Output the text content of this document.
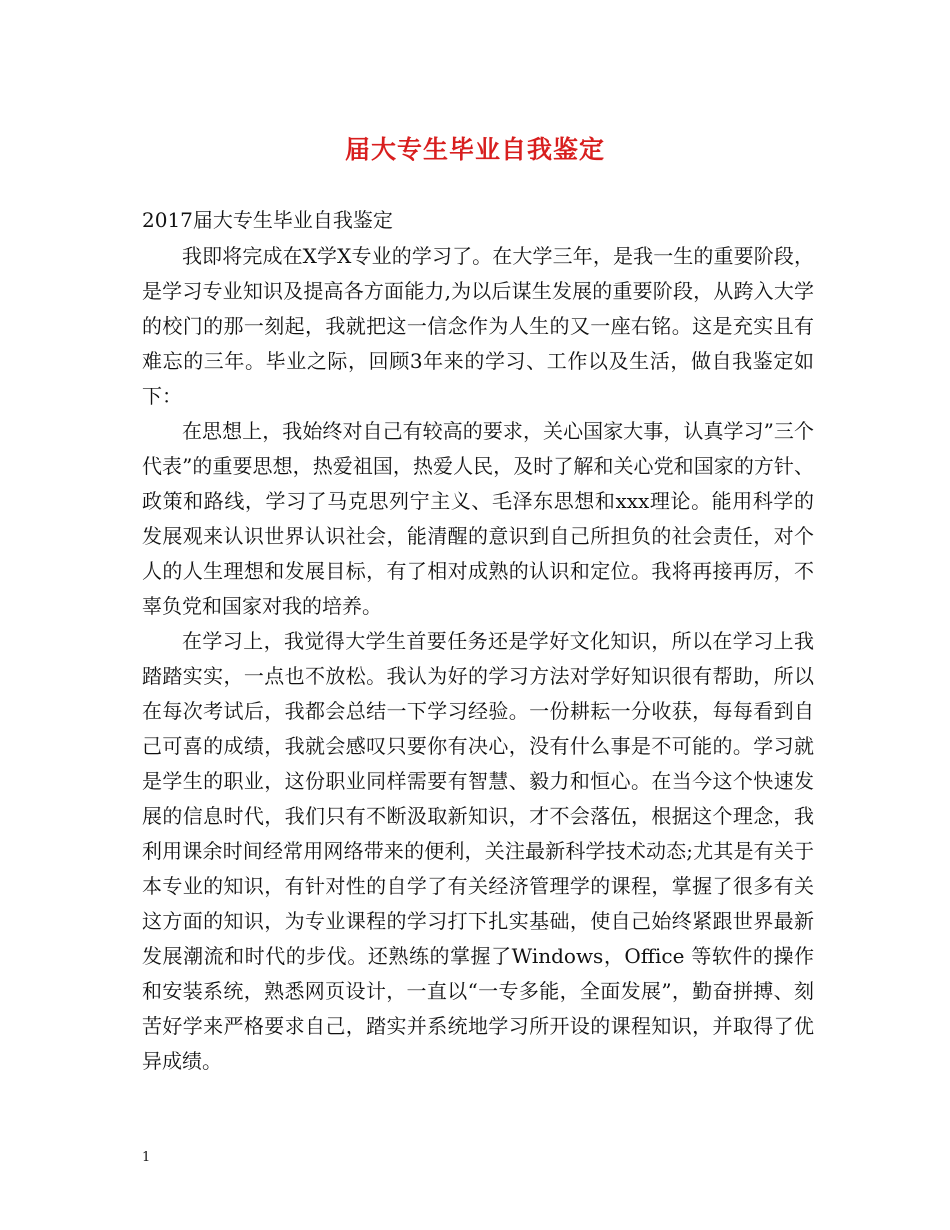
届大专生毕业自我鉴定
2017届大专生毕业自我鉴定

我即将完成在X学X专业的学习了。在大学三年，是我一生的重要阶段，是学习专业知识及提高各方面能力,为以后谋生发展的重要阶段，从跨入大学的校门的那一刻起，我就把这一信念作为人生的又一座右铭。这是充实且有难忘的三年。毕业之际，回顾3年来的学习、工作以及生活，做自我鉴定如下：

在思想上，我始终对自己有较高的要求，关心国家大事，认真学习”三个代表”的重要思想，热爱祖国，热爱人民，及时了解和关心党和国家的方针、政策和路线，学习了马克思列宁主义、毛泽东思想和xxx理论。能用科学的发展观来认识世界认识社会，能清醒的意识到自己所担负的社会责任，对个人的人生理想和发展目标，有了相对成熟的认识和定位。我将再接再厉，不辜负党和国家对我的培养。

在学习上，我觉得大学生首要任务还是学好文化知识，所以在学习上我踏踏实实，一点也不放松。我认为好的学习方法对学好知识很有帮助，所以在每次考试后，我都会总结一下学习经验。一份耕耘一分收获，每每看到自己可喜的成绩，我就会感叹只要你有决心，没有什么事是不可能的。学习就是学生的职业，这份职业同样需要有智慧、毅力和恒心。在当今这个快速发展的信息时代，我们只有不断汲取新知识，才不会落伍，根据这个理念，我利用课余时间经常用网络带来的便利，关注最新科学技术动态;尤其是有关于本专业的知识，有针对性的自学了有关经济管理学的课程，掌握了很多有关这方面的知识，为专业课程的学习打下扎实基础，使自己始终紧跟世界最新发展潮流和时代的步伐。还熟练的掌握了Windows，Office 等软件的操作和安装系统，熟悉网页设计，一直以“一专多能，全面发展”，勤奋拼搏、刻苦好学来严格要求自己，踏实并系统地学习所开设的课程知识，并取得了优异成绩。

1
